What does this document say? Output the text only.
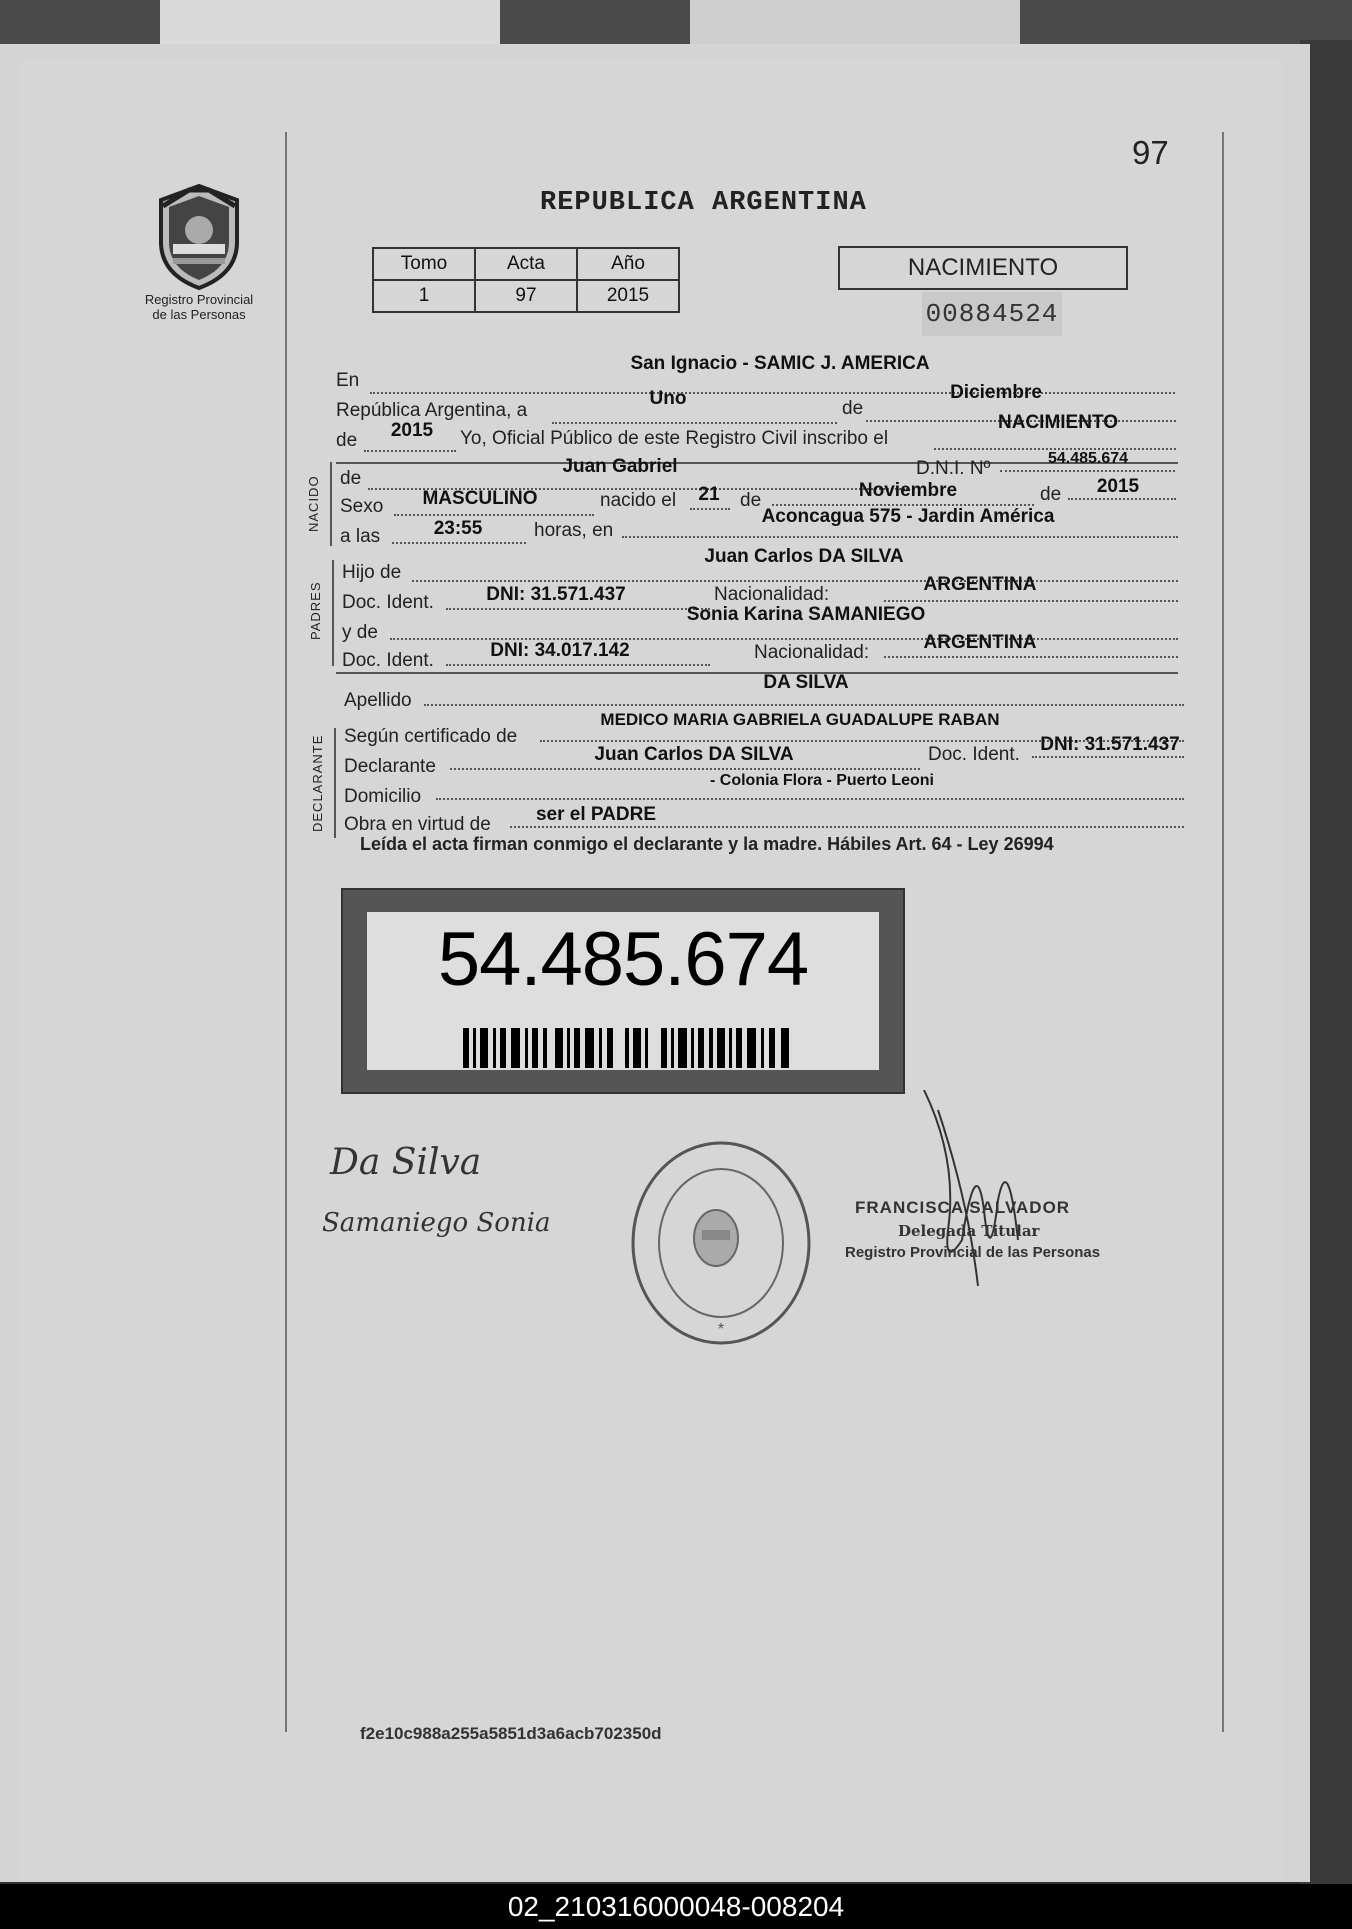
97
REPUBLICA ARGENTINA
Registro Provincial
de las Personas
Tomo	Acta	Año
1	97	2015
NACIMIENTO
00884524
En
San Ignacio - SAMIC J. AMERICA
República Argentina, a
Uno	de
Diciembre
de 2015 Yo, Oficial Público de este Registro Civil inscribo el
NACIMIENTO
NACIDO de
Juan Gabriel	D.N.I. Nº	54.485.674
Sexo MASCULINO	nacido el 21 de	Noviembre	de 2015
a las	23:55	horas, en
Aconcagua 575 - Jardin América
PADRES
Hijo de
Juan Carlos DA SILVA
Doc. Ident.	DNI: 31.571.437	Nacionalidad:	ARGENTINA
y de
Sonia Karina SAMANIEGO
Doc. Ident.	DNI: 34.017.142	Nacionalidad:	ARGENTINA
Apellido
DA SILVA
DECLARANTE Según certificado de
MEDICO MARIA GABRIELA GUADALUPE RABAN
Declarante
Juan Carlos DA SILVA	Doc. Ident. DNI: 31.571.437
Domicilio
- Colonia Flora - Puerto Leoni
Obra en virtud de ser el PADRE
Leída el acta firman conmigo el declarante y la madre. Hábiles Art. 64 - Ley 26994
54.485.674
Da Silva
Samaniego Sonia
*
FRANCISCA SALVADOR
Delegada Titular
Registro Provincial de las Personas
f2e10c988a255a5851d3a6acb702350d
02_210316000048-008204
